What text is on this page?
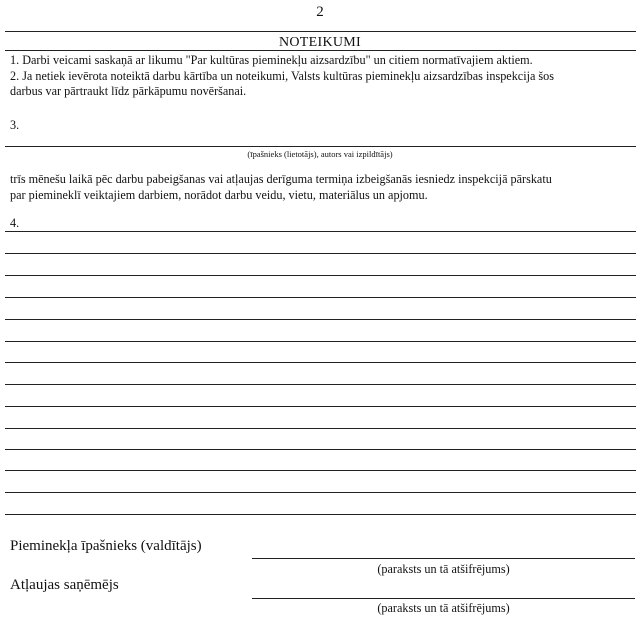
2
NOTEIKUMI
1. Darbi veicami saskaņā ar likumu "Par kultūras pieminekļu aizsardzību" un citiem normatīvajiem aktiem.
2. Ja netiek ievērota noteiktā darbu kārtība un noteikumi, Valsts kultūras pieminekļu aizsardzības inspekcija šos
darbus var pārtraukt līdz pārkāpumu novēršanai.
3.
(īpašnieks (lietotājs), autors vai izpildītājs)
trīs mēnešu laikā pēc darbu pabeigšanas vai atļaujas derīguma termiņa izbeigšanās iesniedz inspekcijā pārskatu
par piemineklī veiktajiem darbiem, norādot darbu veidu, vietu, materiālus un apjomu.
4.
Pieminekļa īpašnieks (valdītājs)
(paraksts un tā atšifrējums)
Atļaujas saņēmējs
(paraksts un tā atšifrējums)
